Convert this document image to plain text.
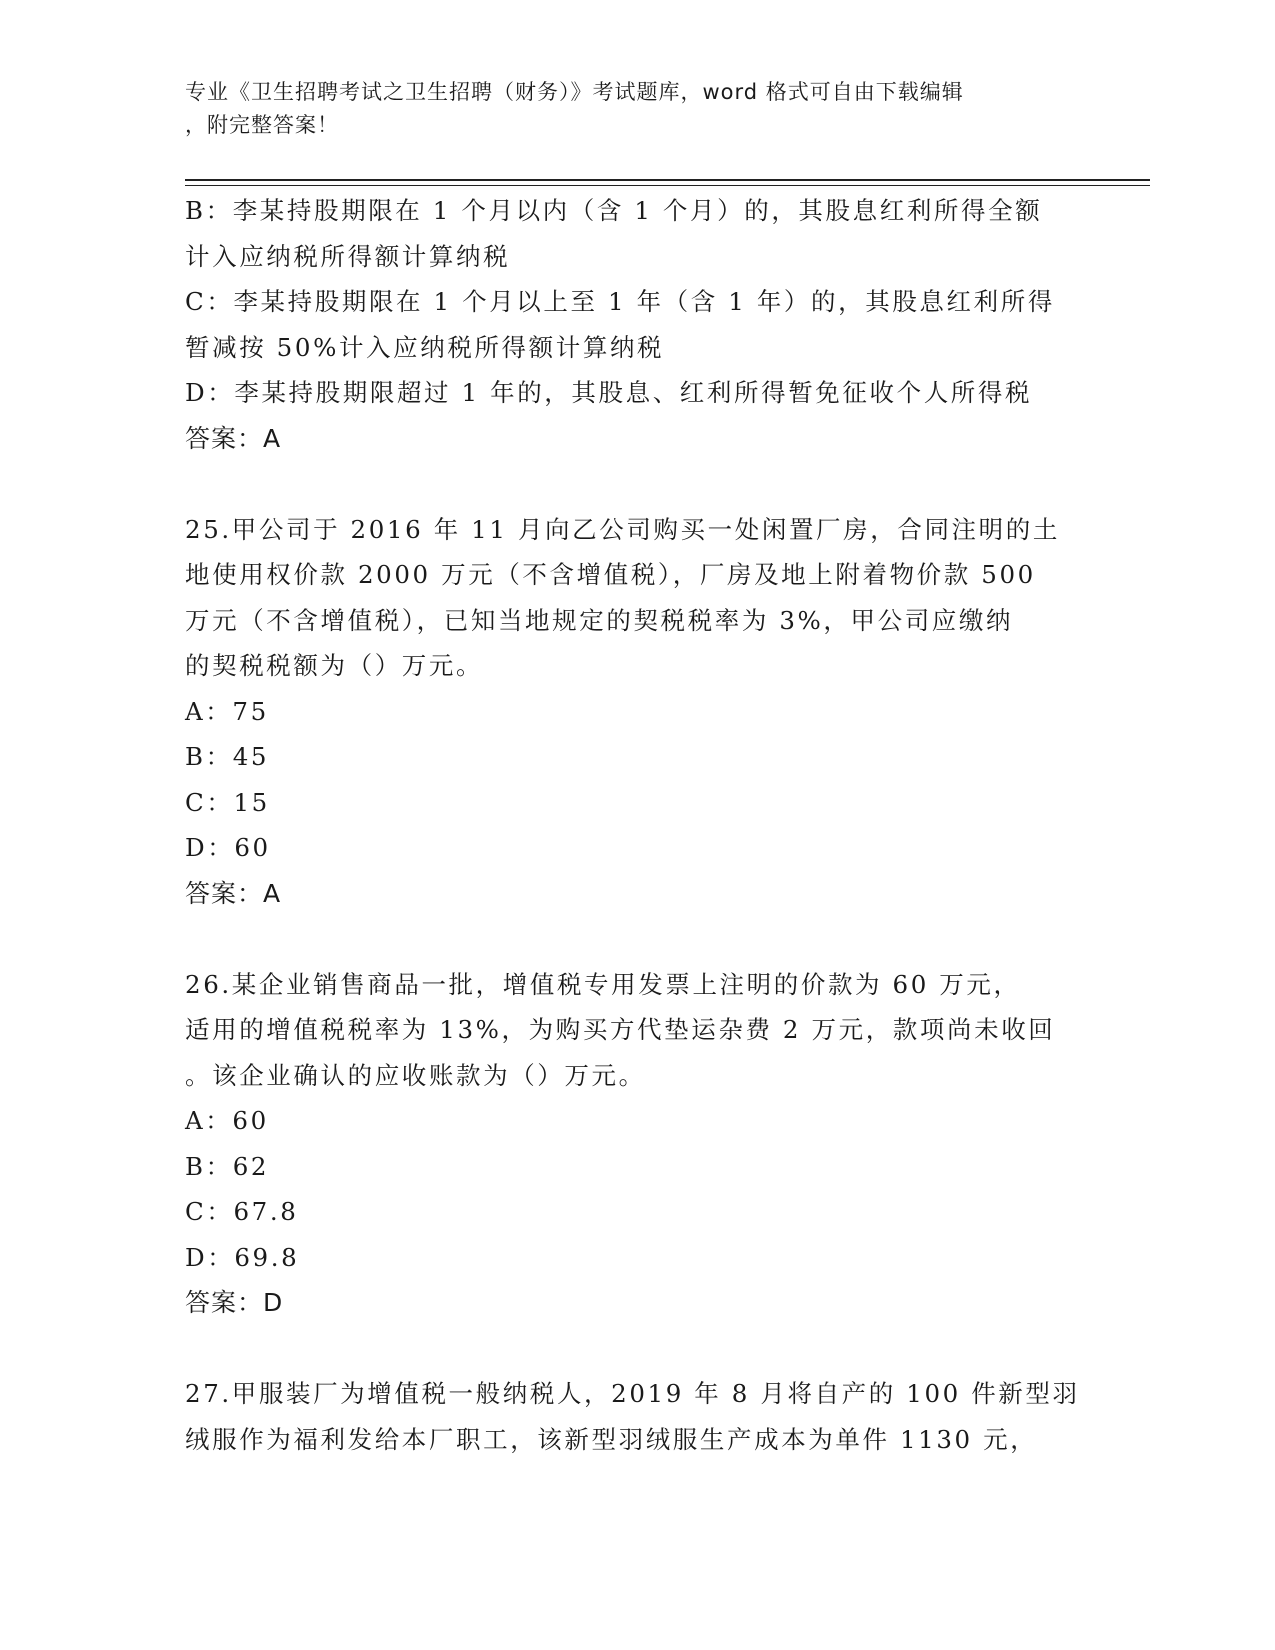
专业《卫生招聘考试之卫生招聘（财务）》考试题库，word 格式可自由下载编辑
，附完整答案！
B：李某持股期限在 1 个月以内（含 1 个月）的，其股息红利所得全额
计入应纳税所得额计算纳税
C：李某持股期限在 1 个月以上至 1 年（含 1 年）的，其股息红利所得
暂减按 50%计入应纳税所得额计算纳税
D：李某持股期限超过 1 年的，其股息、红利所得暂免征收个人所得税
答案：A
25.甲公司于 2016 年 11 月向乙公司购买一处闲置厂房，合同注明的土
地使用权价款 2000 万元（不含增值税），厂房及地上附着物价款 500
万元（不含增值税），已知当地规定的契税税率为 3%，甲公司应缴纳
的契税税额为（）万元。
A：75
B：45
C：15
D：60
答案：A
26.某企业销售商品一批，增值税专用发票上注明的价款为 60 万元，
适用的增值税税率为 13%，为购买方代垫运杂费 2 万元，款项尚未收回
。该企业确认的应收账款为（）万元。
A：60
B：62
C：67.8
D：69.8
答案：D
27.甲服装厂为增值税一般纳税人，2019 年 8 月将自产的 100 件新型羽
绒服作为福利发给本厂职工，该新型羽绒服生产成本为单件 1130 元，
